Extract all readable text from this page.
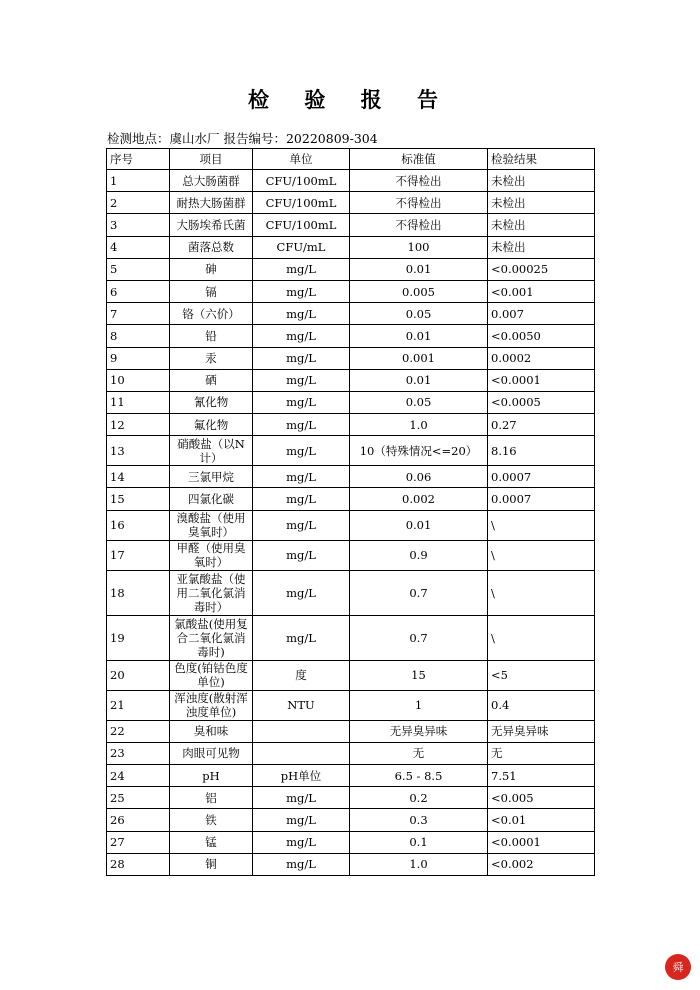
检 验 报 告
检测地点：虞山水厂 报告编号：20220809-304
序号	项目	单位	标准值	检验结果
1	总大肠菌群	CFU/100mL	不得检出	未检出
2	耐热大肠菌群	CFU/100mL	不得检出	未检出
3	大肠埃希氏菌	CFU/100mL	不得检出	未检出
4	菌落总数	CFU/mL	100	未检出
5	砷	mg/L	0.01	<0.00025
6	镉	mg/L	0.005	<0.001
7	铬（六价）	mg/L	0.05	0.007
8	铅	mg/L	0.01	<0.0050
9	汞	mg/L	0.001	0.0002
10	硒	mg/L	0.01	<0.0001
11	氰化物	mg/L	0.05	<0.0005
12	氟化物	mg/L	1.0	0.27
13	硝酸盐（以N计）	mg/L	10（特殊情况<=20）	8.16
14	三氯甲烷	mg/L	0.06	0.0007
15	四氯化碳	mg/L	0.002	0.0007
16	溴酸盐（使用臭氧时）	mg/L	0.01	\
17	甲醛（使用臭氧时）	mg/L	0.9	\
18	亚氯酸盐（使用二氧化氯消毒时）	mg/L	0.7	\
19	氯酸盐(使用复合二氧化氯消毒时)	mg/L	0.7	\
20	色度(铂钴色度单位)	度	15	<5
21	浑浊度(散射浑浊度单位)	NTU	1	0.4
22	臭和味		无异臭异味	无异臭异味
23	肉眼可见物		无	无
24	pH	pH单位	6.5 - 8.5	7.51
25	铝	mg/L	0.2	<0.005
26	铁	mg/L	0.3	<0.01
27	锰	mg/L	0.1	<0.0001
28	铜	mg/L	1.0	<0.002
舜
